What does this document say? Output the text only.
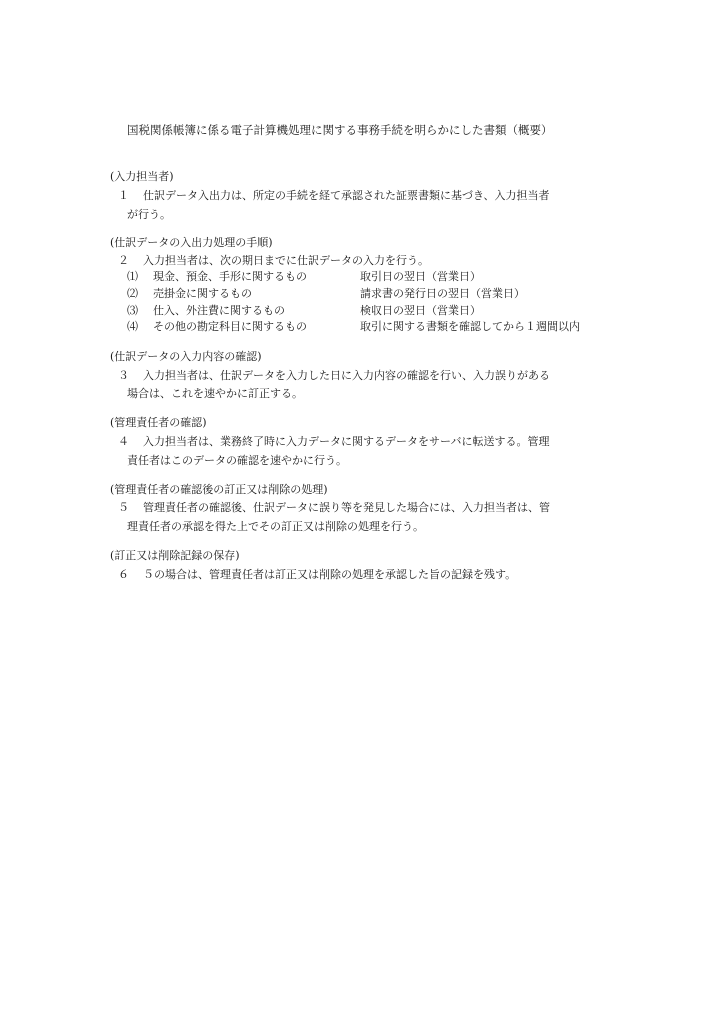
国税関係帳簿に係る電子計算機処理に関する事務手続を明らかにした書類（概要）
(入力担当者)
１ 仕訳データ入出力は、所定の手続を経て承認された証票書類に基づき、入力担当者
が行う。
(仕訳データの入出力処理の手順)
２ 入力担当者は、次の期日までに仕訳データの入力を行う。
⑴ 現金、預金、手形に関するもの	取引日の翌日（営業日）
⑵ 売掛金に関するもの	請求書の発行日の翌日（営業日）
⑶ 仕入、外注費に関するもの	検収日の翌日（営業日）
⑷ その他の勘定科目に関するもの	取引に関する書類を確認してから１週間以内
(仕訳データの入力内容の確認)
３ 入力担当者は、仕訳データを入力した日に入力内容の確認を行い、入力誤りがある
場合は、これを速やかに訂正する。
(管理責任者の確認)
４ 入力担当者は、業務終了時に入力データに関するデータをサーバに転送する。管理
責任者はこのデータの確認を速やかに行う。
(管理責任者の確認後の訂正又は削除の処理)
５ 管理責任者の確認後、仕訳データに誤り等を発見した場合には、入力担当者は、管
理責任者の承認を得た上でその訂正又は削除の処理を行う。
(訂正又は削除記録の保存)
６ ５の場合は、管理責任者は訂正又は削除の処理を承認した旨の記録を残す。
